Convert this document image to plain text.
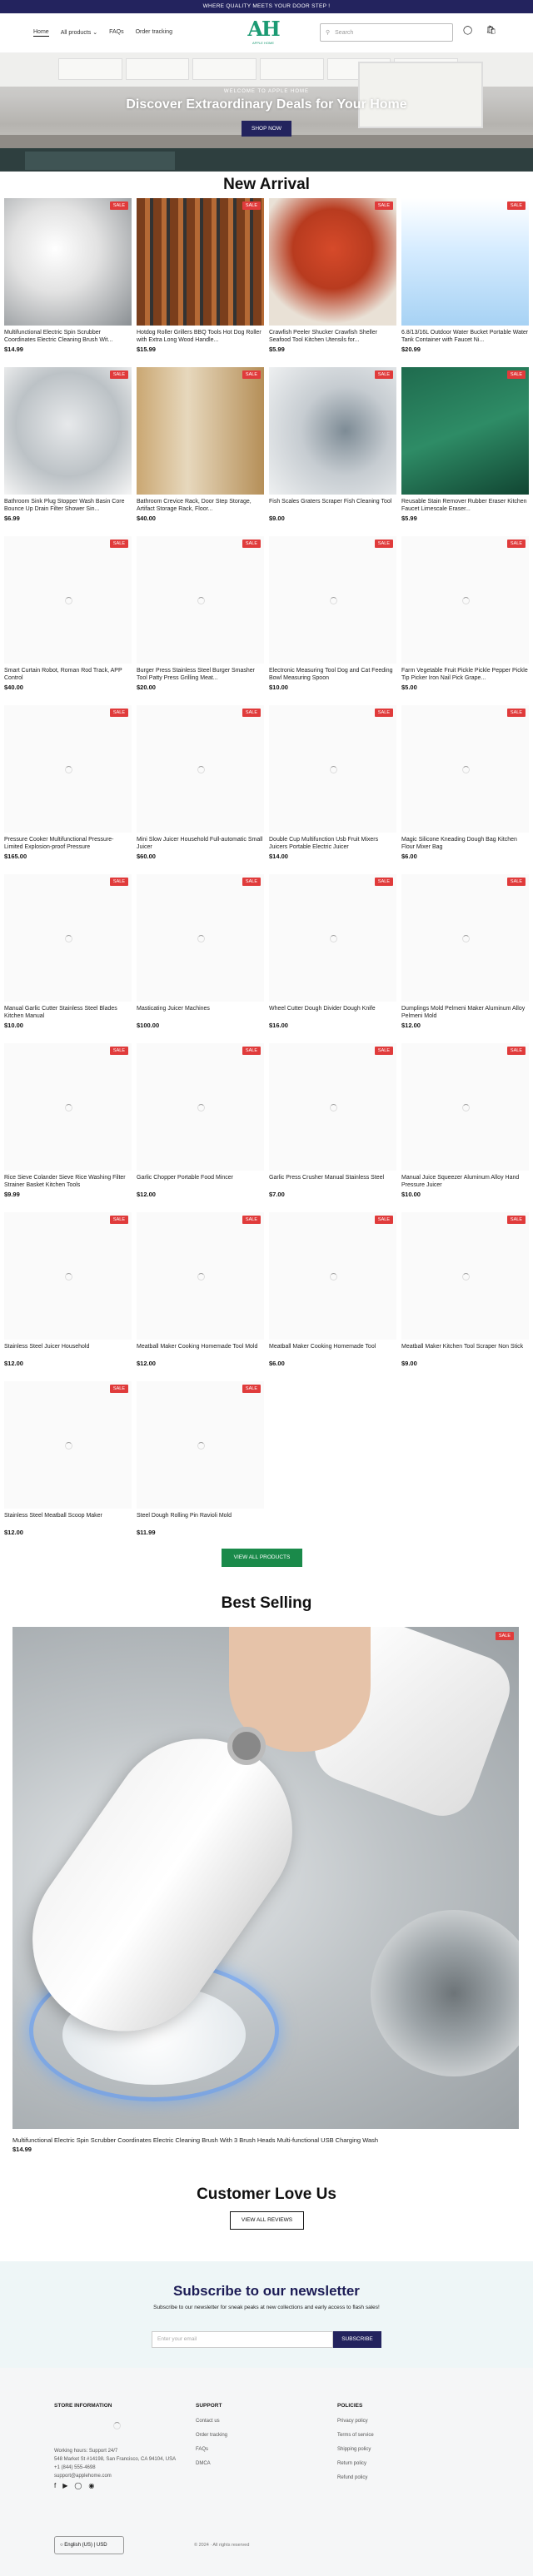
WHERE QUALITY MEETS YOUR DOOR STEP !
Home All products ⌄ FAQs Order tracking	AH
APPLE HOME
⚲ Search	◯ 🛍
WELCOME TO APPLE HOME
Discover Extraordinary Deals for Your Home
SHOP NOW
New Arrival
SALE
Multifunctional Electric Spin Scrubber Coordinates Electric Cleaning Brush Wit...
$14.99
SALE
Hotdog Roller Grillers BBQ Tools Hot Dog Roller with Extra Long Wood Handle...
$15.99
SALE
Crawfish Peeler Shucker Crawfish Sheller Seafood Tool Kitchen Utensils for...
$5.99
SALE
6.8/13/16L Outdoor Water Bucket Portable Water Tank Container with Faucet Ni...
$20.99
SALE
Bathroom Sink Plug Stopper Wash Basin Core Bounce Up Drain Filter Shower Sin...
$6.99
SALE
Bathroom Crevice Rack, Door Step Storage, Artifact Storage Rack, Floor...
$40.00
SALE
Fish Scales Graters Scraper Fish Cleaning Tool
$9.00
SALE
Reusable Stain Remover Rubber Eraser Kitchen Faucet Limescale Eraser...
$5.99
SALE
Smart Curtain Robot, Roman Rod Track, APP Control
$40.00
SALE
Burger Press Stainless Steel Burger Smasher Tool Patty Press Grilling Meat...
$20.00
SALE
Electronic Measuring Tool Dog and Cat Feeding Bowl Measuring Spoon
$10.00
SALE
Farm Vegetable Fruit Pickle Pickle Pepper Pickle Tip Picker Iron Nail Pick Grape...
$5.00
SALE
Pressure Cooker Multifunctional Pressure-Limited Explosion-proof Pressure
$165.00
SALE
Mini Slow Juicer Household Full-automatic Small Juicer
$60.00
SALE
Double Cup Multifunction Usb Fruit Mixers Juicers Portable Electric Juicer
$14.00
SALE
Magic Silicone Kneading Dough Bag Kitchen Flour Mixer Bag
$6.00
SALE
Manual Garlic Cutter Stainless Steel Blades Kitchen Manual
$10.00
SALE
Masticating Juicer Machines
$100.00
SALE
Wheel Cutter Dough Divider Dough Knife
$16.00
SALE
Dumplings Mold Pelmeni Maker Aluminum Alloy Pelmeni Mold
$12.00
SALE
Rice Sieve Colander Sieve Rice Washing Filter Strainer Basket Kitchen Tools
$9.99
SALE
Garlic Chopper Portable Food Mincer
$12.00
SALE
Garlic Press Crusher Manual Stainless Steel
$7.00
SALE
Manual Juice Squeezer Aluminum Alloy Hand Pressure Juicer
$10.00
SALE
Stainless Steel Juicer Household
$12.00
SALE
Meatball Maker Cooking Homemade Tool Mold
$12.00
SALE
Meatball Maker Cooking Homemade Tool
$6.00
SALE
Meatball Maker Kitchen Tool Scraper Non Stick
$9.00
SALE
Stainless Steel Meatball Scoop Maker
$12.00
SALE
Steel Dough Rolling Pin Ravioli Mold
$11.99
VIEW ALL PRODUCTS
Best Selling
SALE
Multifunctional Electric Spin Scrubber Coordinates Electric Cleaning Brush With 3 Brush Heads Multi-functional USB Charging Wash
$14.99
Customer Love Us
VIEW ALL REVIEWS
Subscribe to our newsletter

Subscribe to our newsletter for sneak peaks at new collections and early access to flash sales!

Enter your email	SUBSCRIBE
STORE INFORMATION
Working hours: Support 24/7
548 Market St #14198, San Francisco, CA 94104, USA
+1 (844) 555-4698
support@applehome.com
f ▶ ◯ ◉
SUPPORT
Contact us
Order tracking
FAQs
DMCA
POLICIES
Privacy policy
Terms of service
Shipping policy
Return policy
Refund policy
○ English (US) | USD	© 2024 · All rights reserved
